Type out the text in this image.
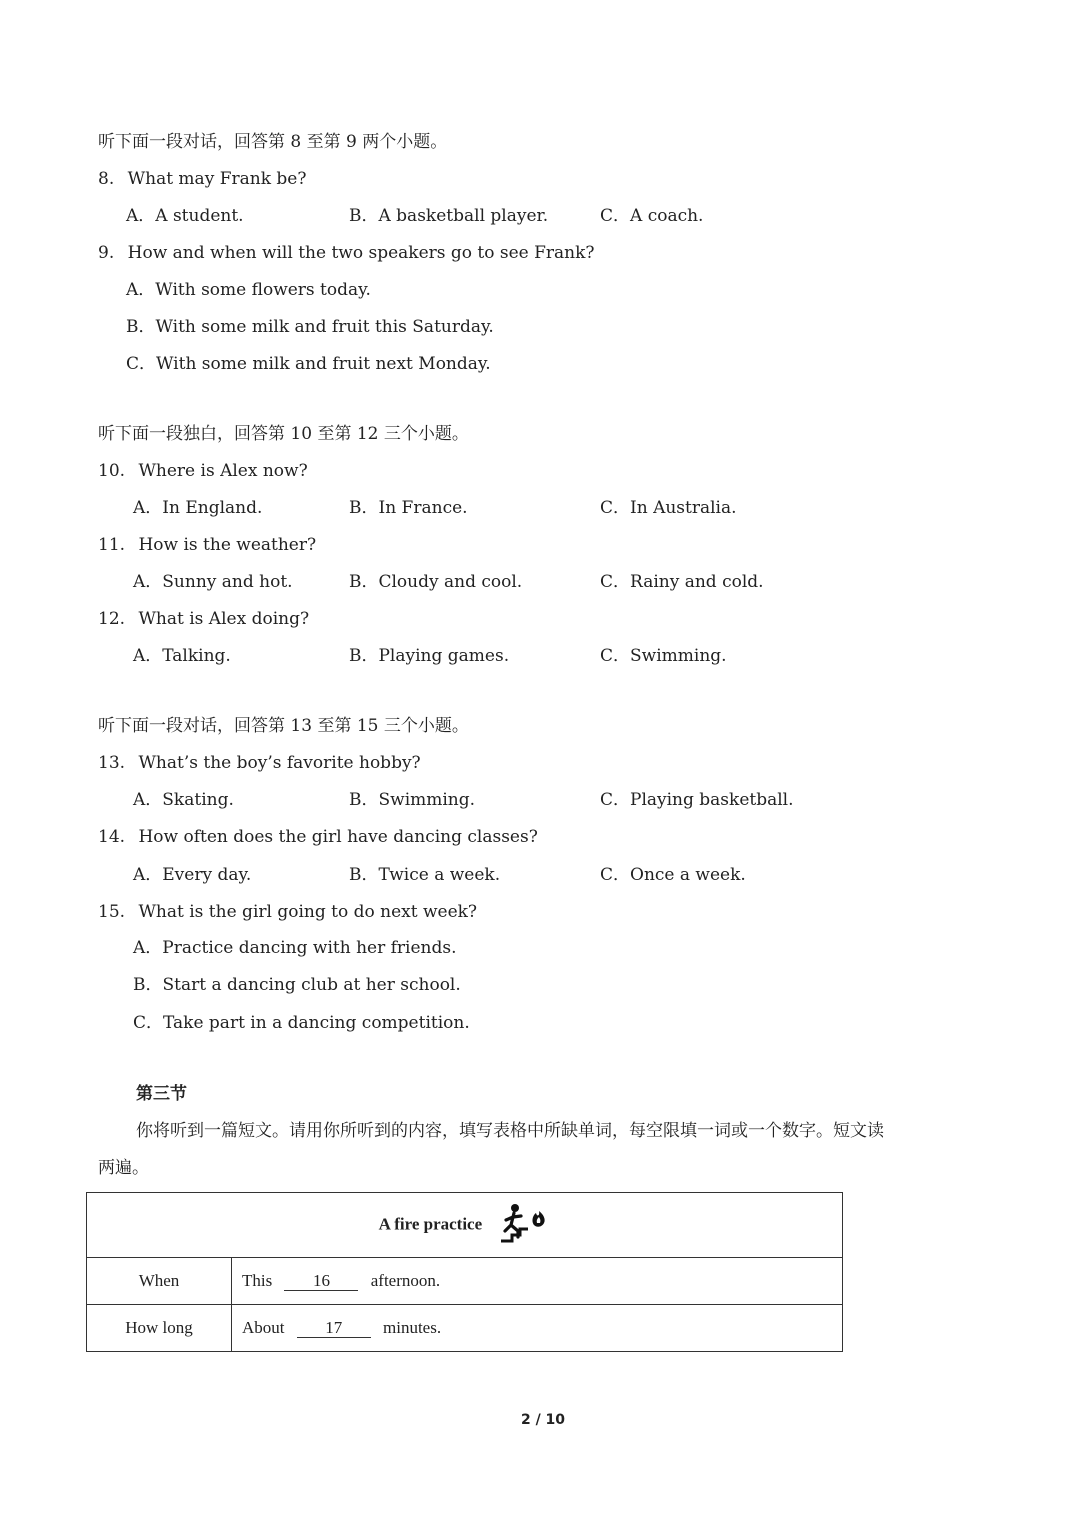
听下面一段对话，回答第 8 至第 9 两个小题。
8. What may Frank be?
A．A student.	B．A basketball player.	C．A coach.
9. How and when will the two speakers go to see Frank?
A．With some flowers today.
B．With some milk and fruit this Saturday.
C．With some milk and fruit next Monday.
听下面一段独白，回答第 10 至第 12 三个小题。
10. Where is Alex now?
A．In England.	B．In France.	C．In Australia.
11. How is the weather?
A．Sunny and hot.	B．Cloudy and cool.	C．Rainy and cold.
12. What is Alex doing?
A．Talking.	B．Playing games.	C．Swimming.
听下面一段对话，回答第 13 至第 15 三个小题。
13. What’s the boy’s favorite hobby?
A．Skating.	B．Swimming.	C．Playing basketball.
14. How often does the girl have dancing classes?
A．Every day.	B．Twice a week.	C．Once a week.
15. What is the girl going to do next week?
A．Practice dancing with her friends.
B．Start a dancing club at her school.
C．Take part in a dancing competition.
第三节
你将听到一篇短文。请用你所听到的内容，填写表格中所缺单词，每空限填一词或一个数字。短文读
两遍。
A fire practice	
When	This 16 afternoon.
How long	About 17 minutes.
2 / 10
